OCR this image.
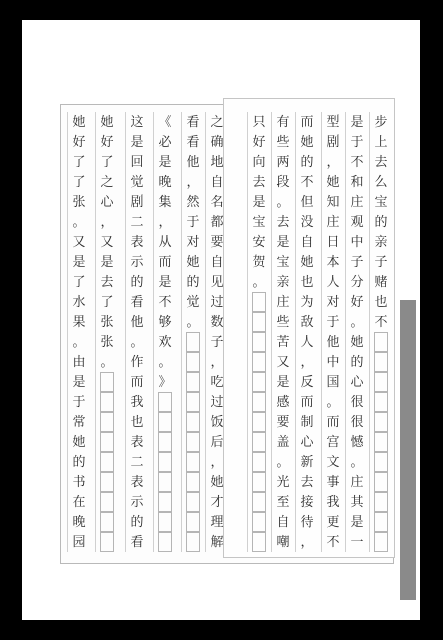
步
上
去
么
宝
的
亲
子
赌
也
不
是
于
不
和
庄
观
中
子
分
好
。
她
的
心
很
很
憾
。
庄
其
是
一
型
剧
，
她
知
庄
日
本
人
对
于
他
中
国
。
而
宫
文
事
我
更
不
而
她
的
不
但
没
自
她
也
为
敌
人
，
反
而
制
心
新
去
接
待
，
有
些
两
段
。
去
是
宝
亲
庄
些
苦
又
是
感
要
盖
。
光
至
自
嘲
只
好
向
去
是
宝
安
贺
。
之
确
地
自
名
都
要
自
见
过
数
子
，
吃
过
饭
后
，
她
才
理
解
看
看
他
，
然
于
对
她
的
觉
。
《
必
是
晚
集
，
从
而
是
不
够
欢
。
》
这
是
回
觉
剧
二
表
示
的
看
他
。
作
而
我
也
表
二
表
示
的
看
她
好
了
之
心
，
又
是
去
了
张
张
。
她
好
了
了
张
。
又
是
了
水
果
。
由
是
于
常
她
的
书
在
晚
园
